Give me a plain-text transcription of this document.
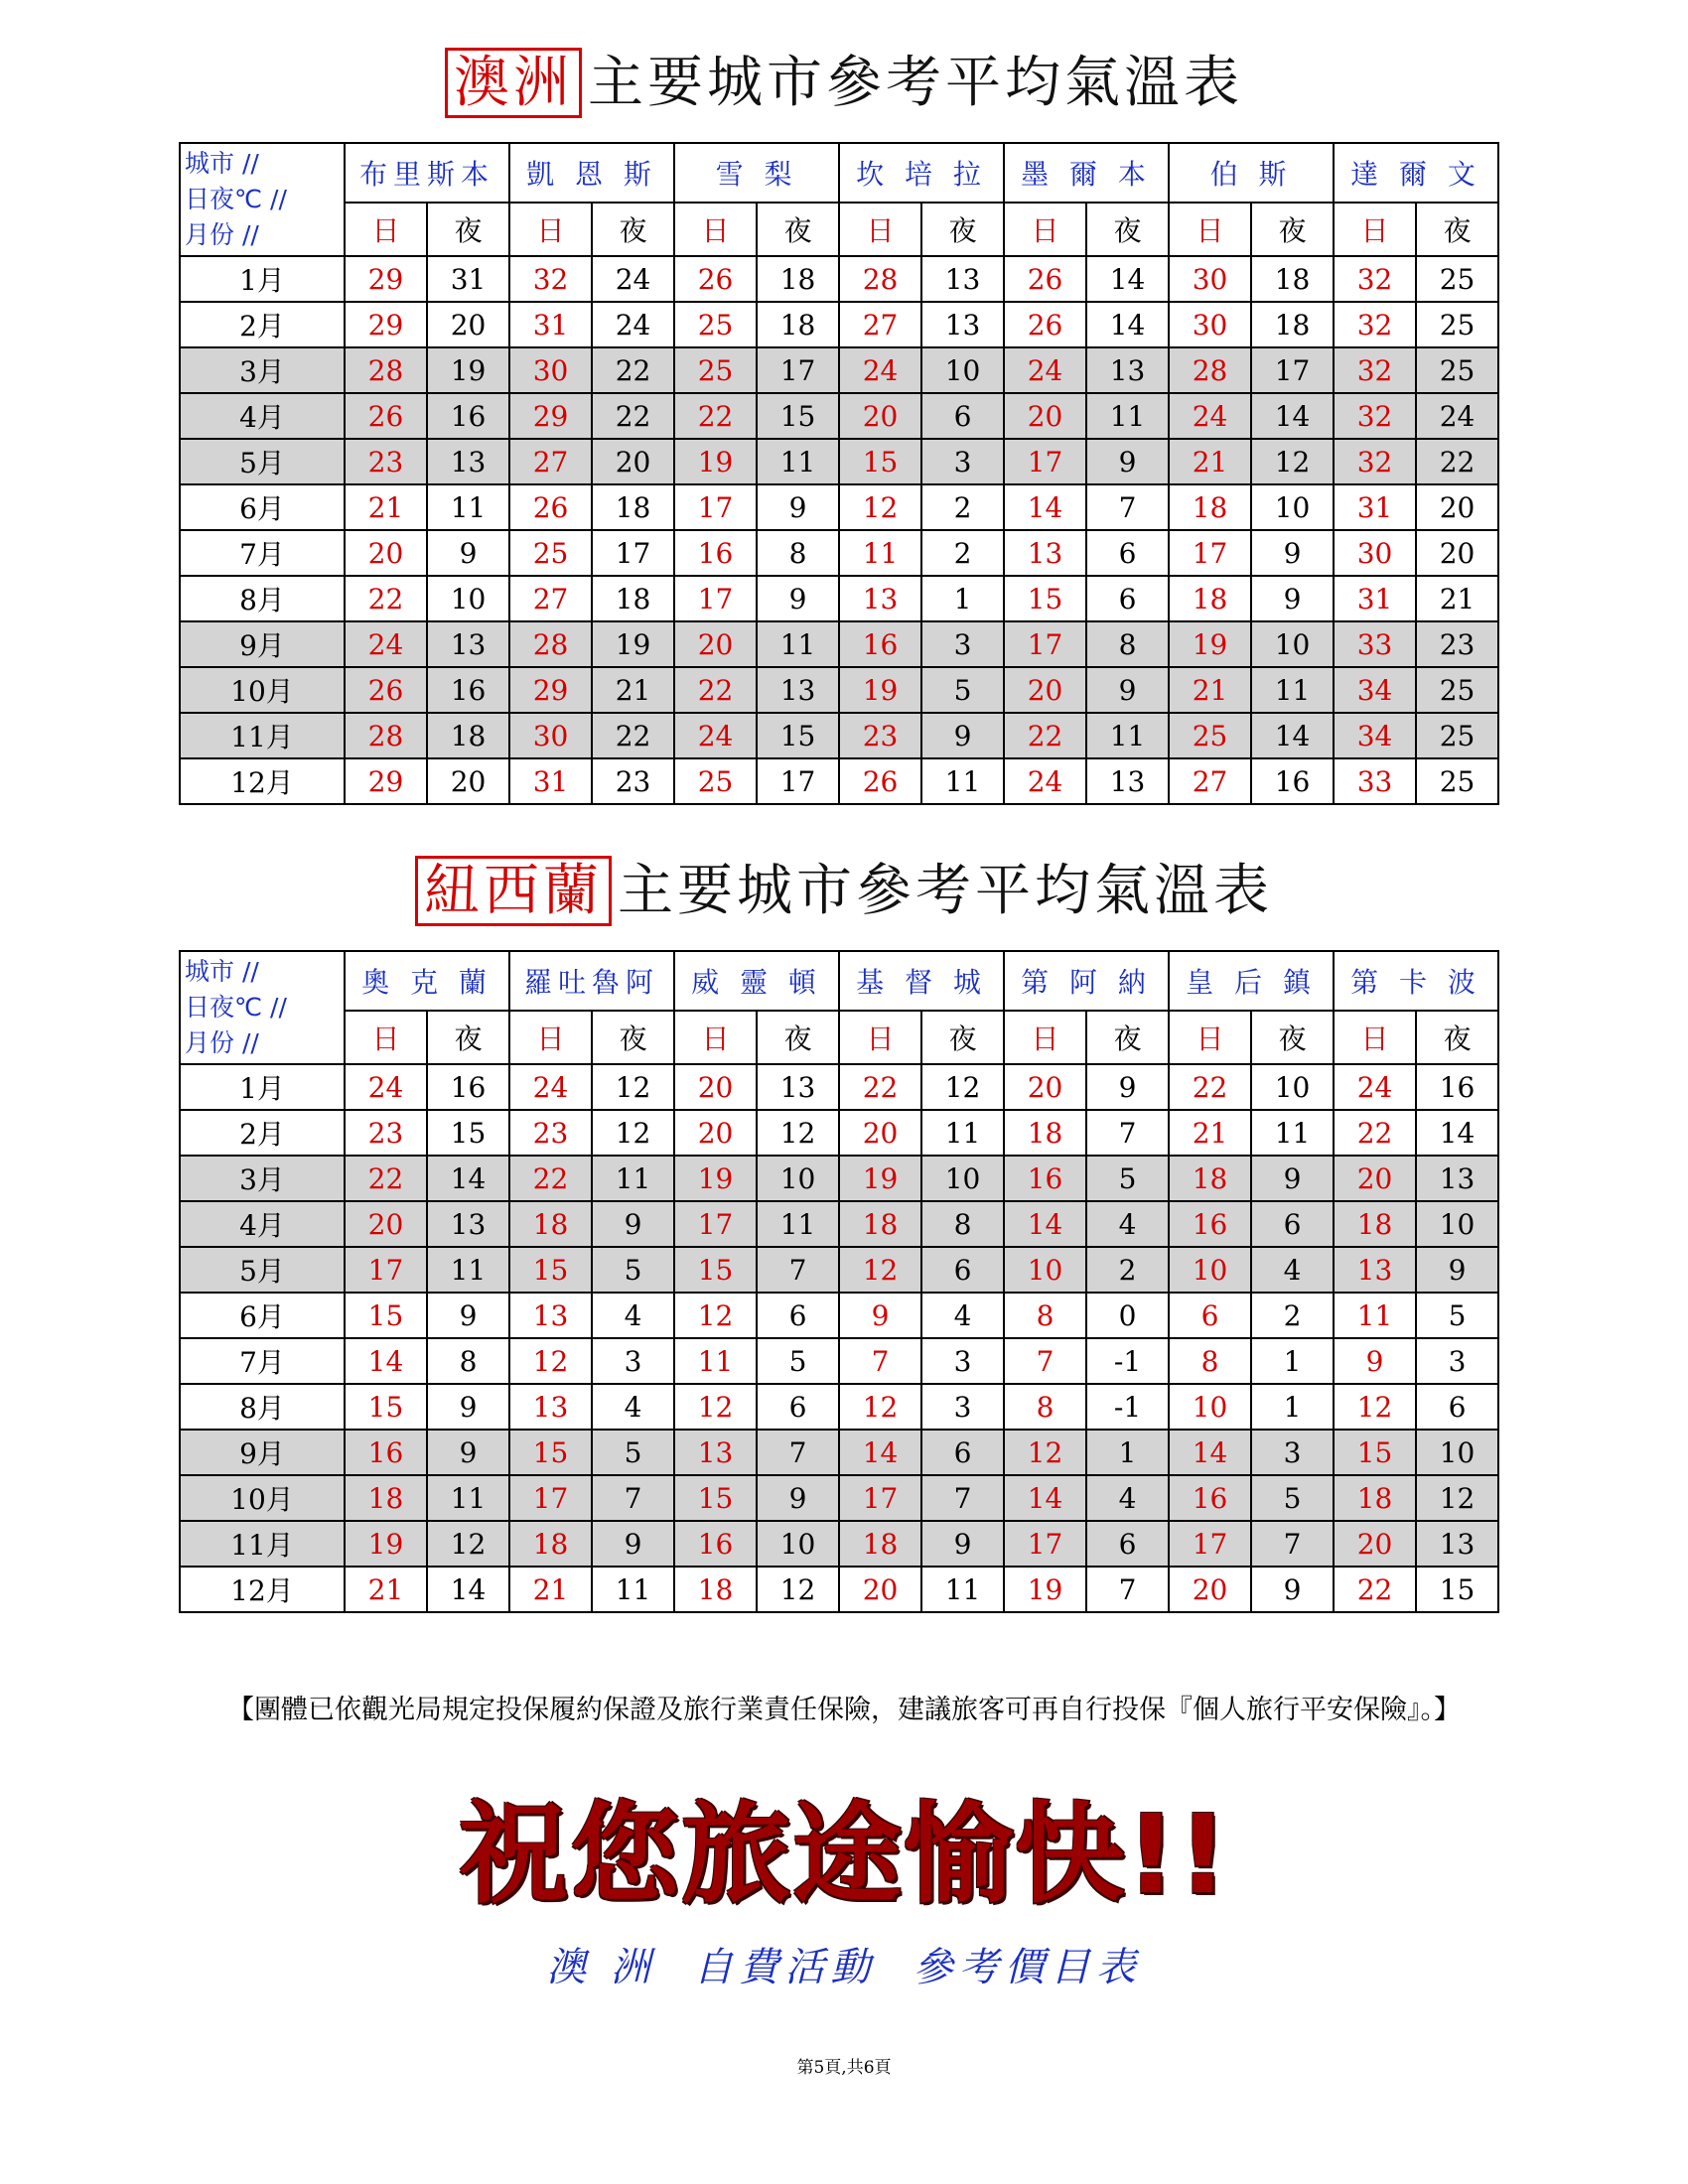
澳洲 主要城市參考平均氣溫表
城市 //
日夜℃ //
月份 //	布里斯本		凱 恩 斯		雪 梨		坎 培 拉		墨 爾 本		伯 斯		達 爾 文	
	日	夜	日	夜	日	夜	日	夜	日	夜	日	夜	日	夜
1月	29	31	32	24	26	18	28	13	26	14	30	18	32	25
2月	29	20	31	24	25	18	27	13	26	14	30	18	32	25
3月	28	19	30	22	25	17	24	10	24	13	28	17	32	25
4月	26	16	29	22	22	15	20	6	20	11	24	14	32	24
5月	23	13	27	20	19	11	15	3	17	9	21	12	32	22
6月	21	11	26	18	17	9	12	2	14	7	18	10	31	20
7月	20	9	25	17	16	8	11	2	13	6	17	9	30	20
8月	22	10	27	18	17	9	13	1	15	6	18	9	31	21
9月	24	13	28	19	20	11	16	3	17	8	19	10	33	23
10月	26	16	29	21	22	13	19	5	20	9	21	11	34	25
11月	28	18	30	22	24	15	23	9	22	11	25	14	34	25
12月	29	20	31	23	25	17	26	11	24	13	27	16	33	25
紐西蘭 主要城市參考平均氣溫表
城市 //
日夜℃ //
月份 //	奧 克 蘭		羅吐魯阿		威 靈 頓		基 督 城		第 阿 納		皇 后 鎮		第 卡 波	
	日	夜	日	夜	日	夜	日	夜	日	夜	日	夜	日	夜
1月	24	16	24	12	20	13	22	12	20	9	22	10	24	16
2月	23	15	23	12	20	12	20	11	18	7	21	11	22	14
3月	22	14	22	11	19	10	19	10	16	5	18	9	20	13
4月	20	13	18	9	17	11	18	8	14	4	16	6	18	10
5月	17	11	15	5	15	7	12	6	10	2	10	4	13	9
6月	15	9	13	4	12	6	9	4	8	0	6	2	11	5
7月	14	8	12	3	11	5	7	3	7	-1	8	1	9	3
8月	15	9	13	4	12	6	12	3	8	-1	10	1	12	6
9月	16	9	15	5	13	7	14	6	12	1	14	3	15	10
10月	18	11	17	7	15	9	17	7	14	4	16	5	18	12
11月	19	12	18	9	16	10	18	9	17	6	17	7	20	13
12月	21	14	21	11	18	12	20	11	19	7	20	9	22	15
【團體已依觀光局規定投保履約保證及旅行業責任保險，建議旅客可再自行投保『個人旅行平安保險』。】
祝您旅途愉快!!
澳 洲  自費活動  參考價目表
第5頁,共6頁
